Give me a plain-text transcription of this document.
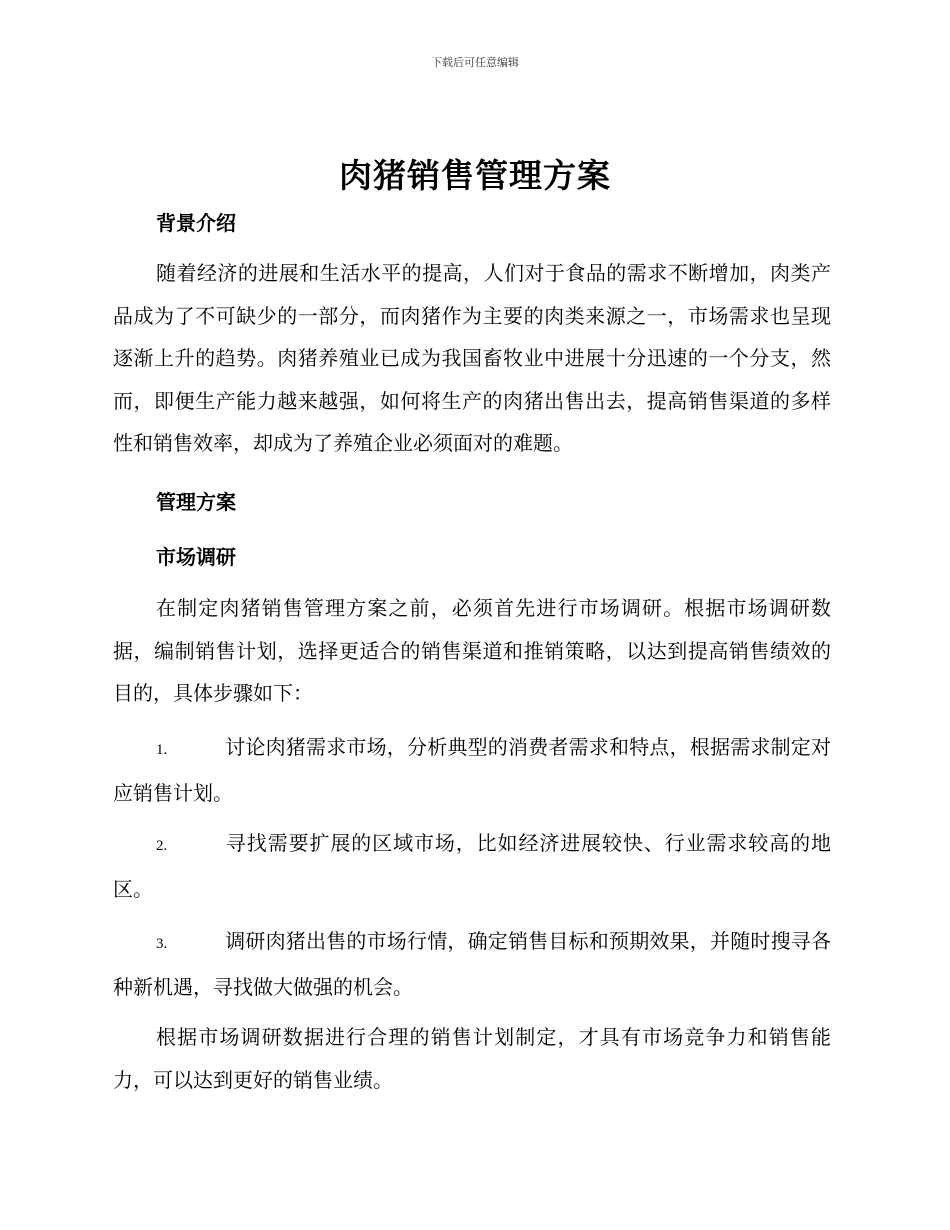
下载后可任意编辑
肉猪销售管理方案
背景介绍

随着经济的进展和生活水平的提高，人们对于食品的需求不断增加，肉类产品成为了不可缺少的一部分，而肉猪作为主要的肉类来源之一，市场需求也呈现逐渐上升的趋势。肉猪养殖业已成为我国畜牧业中进展十分迅速的一个分支，然而，即便生产能力越来越强，如何将生产的肉猪出售出去，提高销售渠道的多样性和销售效率，却成为了养殖企业必须面对的难题。

管理方案
市场调研

在制定肉猪销售管理方案之前，必须首先进行市场调研。根据市场调研数据，编制销售计划，选择更适合的销售渠道和推销策略，以达到提高销售绩效的目的，具体步骤如下：

1.	讨论肉猪需求市场，分析典型的消费者需求和特点，根据需求制定对应销售计划。

2.	寻找需要扩展的区域市场，比如经济进展较快、行业需求较高的地区。

3.	调研肉猪出售的市场行情，确定销售目标和预期效果，并随时搜寻各种新机遇，寻找做大做强的机会。

根据市场调研数据进行合理的销售计划制定，才具有市场竞争力和销售能力，可以达到更好的销售业绩。
